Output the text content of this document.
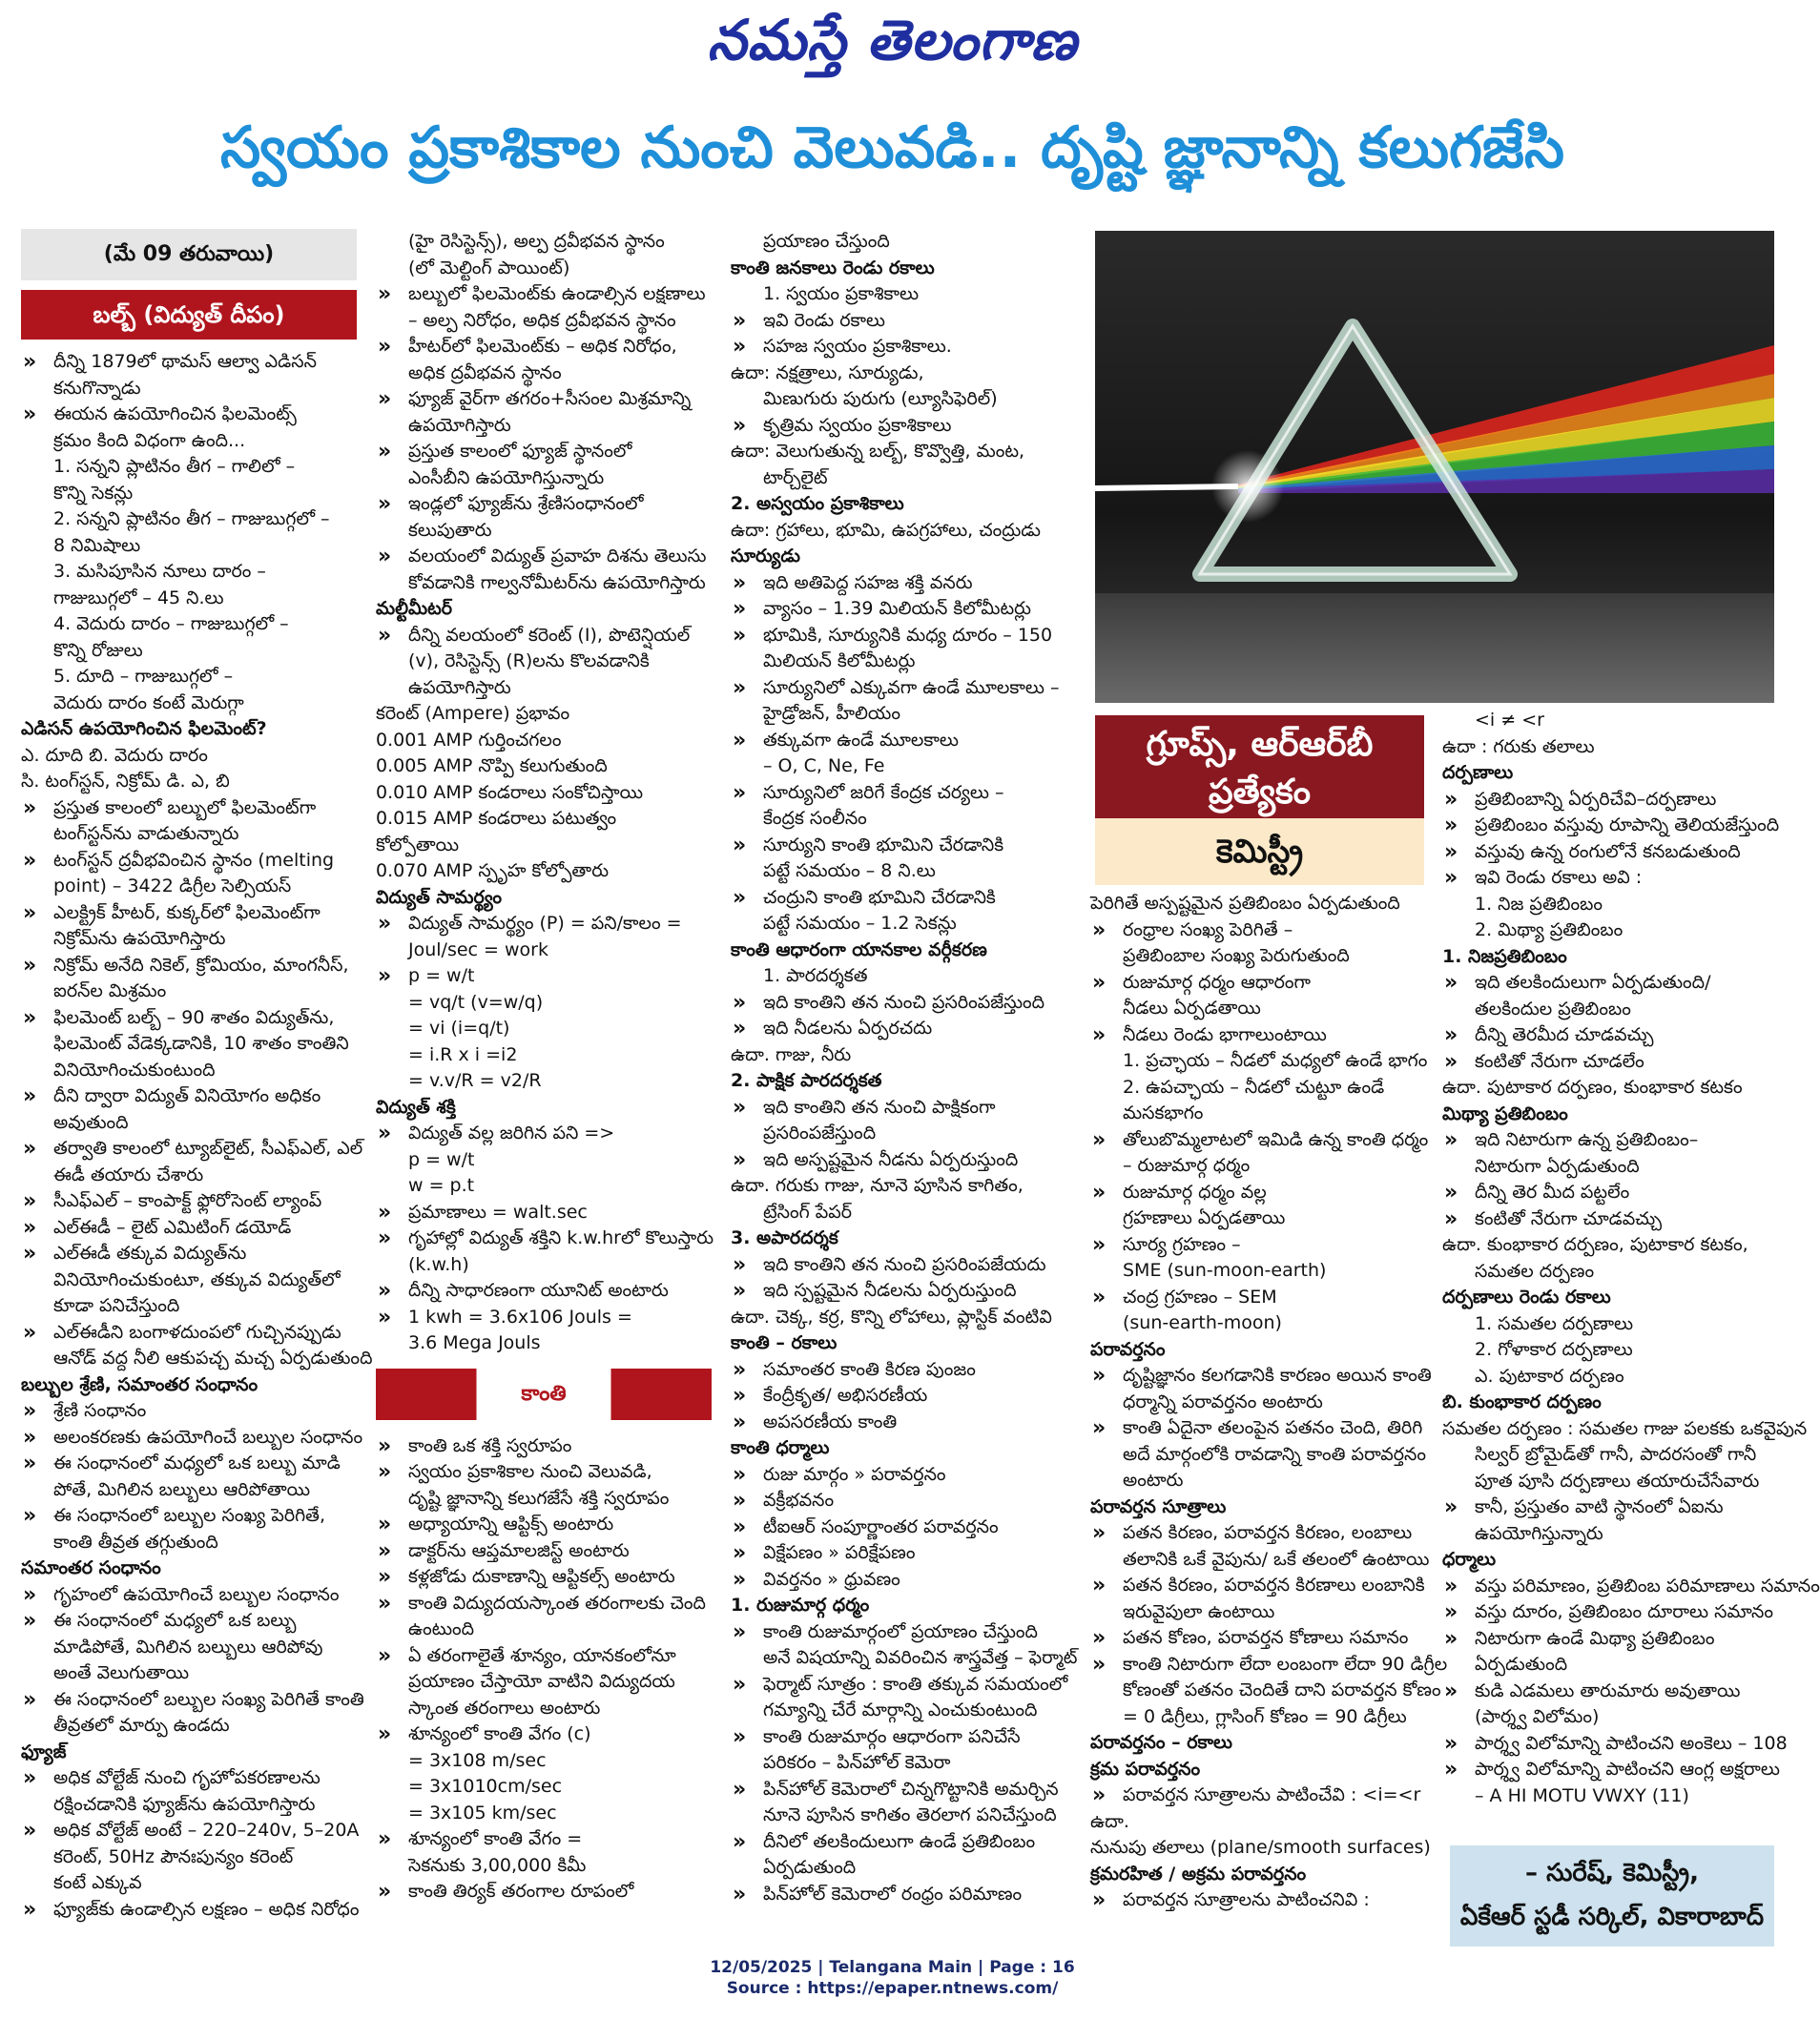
నమస్తే తెలంగాణ
స్వయం ప్రకాశికాల నుంచి వెలువడి.. దృష్టి జ్ఞానాన్ని కలుగజేసి
(మే 09 తరువాయి)
బల్బ్ (విద్యుత్ దీపం)
» దీన్ని 1879లో థామస్ ఆల్వా ఎడిసన్
కనుగొన్నాడు
» ఈయన ఉపయోగించిన ఫిలమెంట్స్
క్రమం కింది విధంగా ఉంది...
1. సన్నని ప్లాటినం తీగ – గాలిలో –
కొన్ని సెకన్లు
2. సన్నని ప్లాటినం తీగ – గాజుబుగ్గలో –
8 నిమిషాలు
3. మసిపూసిన నూలు దారం –
గాజుబుగ్గలో – 45 ని.లు
4. వెదురు దారం – గాజుబుగ్గలో –
కొన్ని రోజులు
5. దూది – గాజుబుగ్గలో –
వెదురు దారం కంటే మెరుగ్గా
ఎడిసన్ ఉపయోగించిన ఫిలమెంట్?
ఎ. దూది బి. వెదురు దారం
సి. టంగ్‌స్టన్, నిక్రోమ్ డి. ఎ, బి
» ప్రస్తుత కాలంలో బల్బులో ఫిలమెంట్‌గా
టంగ్‌స్టన్‌ను వాడుతున్నారు
» టంగ్‌స్టన్ ద్రవీభవించిన స్థానం (melting
point) – 3422 డిగ్రీల సెల్సియస్
» ఎలక్ట్రిక్ హీటర్, కుక్కర్‌లో ఫిలమెంట్‌గా
నిక్రోమ్‌ను ఉపయోగిస్తారు
» నిక్రోమ్ అనేది నికెల్, క్రోమియం, మాంగనీస్,
ఐరన్‌ల మిశ్రమం
» ఫిలమెంట్ బల్బ్ – 90 శాతం విద్యుత్‌ను,
ఫిలమెంట్ వేడెక్కడానికి, 10 శాతం కాంతిని
వినియోగించుకుంటుంది
» దీని ద్వారా విద్యుత్ వినియోగం అధికం
అవుతుంది
» తర్వాతి కాలంలో ట్యూబ్‌లైట్, సీఎఫ్‌ఎల్, ఎల్
ఈడీ తయారు చేశారు
» సీఎఫ్‌ఎల్ – కాంపాక్ట్ ఫ్లోరోసెంట్ ల్యాంప్
» ఎల్ఈడీ – లైట్ ఎమిటింగ్ డయోడ్
» ఎల్ఈడీ తక్కువ విద్యుత్‌ను
వినియోగించుకుంటూ, తక్కువ విద్యుత్‌లో
కూడా పనిచేస్తుంది
» ఎల్ఈడీని బంగాళదుంపలో గుచ్చినప్పుడు
ఆనోడ్ వద్ద నీలి ఆకుపచ్చ మచ్చ ఏర్పడుతుంది
బల్బుల శ్రేణి, సమాంతర సంధానం
» శ్రేణి సంధానం
» అలంకరణకు ఉపయోగించే బల్బుల సంధానం
» ఈ సంధానంలో మధ్యలో ఒక బల్బు మాడి
పోతే, మిగిలిన బల్బులు ఆరిపోతాయి
» ఈ సంధానంలో బల్బుల సంఖ్య పెరిగితే,
కాంతి తీవ్రత తగ్గుతుంది
సమాంతర సంధానం
» గృహంలో ఉపయోగించే బల్బుల సంధానం
» ఈ సంధానంలో మధ్యలో ఒక బల్బు
మాడిపోతే, మిగిలిన బల్బులు ఆరిపోవు
అంతే వెలుగుతాయి
» ఈ సంధానంలో బల్బుల సంఖ్య పెరిగితే కాంతి
తీవ్రతలో మార్పు ఉండదు
ఫ్యూజ్
» అధిక వోల్టేజ్ నుంచి గృహోపకరణాలను
రక్షించడానికి ఫ్యూజ్‌ను ఉపయోగిస్తారు
» అధిక వోల్టేజ్ అంటే – 220–240v, 5–20A
కరెంట్, 50Hz పౌనఃపున్యం కరెంట్
కంటే ఎక్కువ
» ఫ్యూజ్‌కు ఉండాల్సిన లక్షణం – అధిక నిరోధం
(హై రెసిస్టెన్స్), అల్ప ద్రవీభవన స్థానం
(లో మెల్టింగ్ పాయింట్)
» బల్బులో ఫిలమెంట్‌కు ఉండాల్సిన లక్షణాలు
– అల్ప నిరోధం, అధిక ద్రవీభవన స్థానం
» హీటర్‌లో ఫిలమెంట్‌కు – అధిక నిరోధం,
అధిక ద్రవీభవన స్థానం
» ఫ్యూజ్ వైర్‌గా తగరం+సీసంల మిశ్రమాన్ని
ఉపయోగిస్తారు
» ప్రస్తుత కాలంలో ఫ్యూజ్ స్థానంలో
ఎంసీబీని ఉపయోగిస్తున్నారు
» ఇండ్లలో ఫ్యూజ్‌ను శ్రేణిసంధానంలో
కలుపుతారు
» వలయంలో విద్యుత్ ప్రవాహ దిశను తెలుసు
కోవడానికి గాల్వనోమీటర్‌ను ఉపయోగిస్తారు
మల్టీమీటర్
» దీన్ని వలయంలో కరెంట్ (I), పొటెన్షియల్
(v), రెసిస్టెన్స్ (R)లను కొలవడానికి
ఉపయోగిస్తారు
కరెంట్ (Ampere) ప్రభావం
0.001 AMP గుర్తించగలం
0.005 AMP నొప్పి కలుగుతుంది
0.010 AMP కండరాలు సంకోచిస్తాయి
0.015 AMP కండరాలు పటుత్వం
కోల్పోతాయి
0.070 AMP స్పృహ కోల్పోతారు
విద్యుత్ సామర్థ్యం
» విద్యుత్ సామర్థ్యం (P) = పని/కాలం =
Joul/sec = work
» p = w/t
= vq/t (v=w/q)
= vi (i=q/t)
= i.R x i =i2
= v.v/R = v2/R
విద్యుత్ శక్తి
» విద్యుత్ వల్ల జరిగిన పని =>
p = w/t
w = p.t
» ప్రమాణాలు = walt.sec
» గృహాల్లో విద్యుత్ శక్తిని k.w.hrలో కొలుస్తారు
(k.w.h)
» దీన్ని సాధారణంగా యూనిట్ అంటారు
» 1 kwh = 3.6x106 Jouls =
3.6 Mega Jouls
కాంతి
» కాంతి ఒక శక్తి స్వరూపం
» స్వయం ప్రకాశికాల నుంచి వెలువడి,
దృష్టి జ్ఞానాన్ని కలుగజేసే శక్తి స్వరూపం
» అధ్యాయాన్ని ఆప్టిక్స్ అంటారు
» డాక్టర్‌ను ఆప్తమాలజిస్ట్ అంటారు
» కళ్లజోడు దుకాణాన్ని ఆప్టికల్స్ అంటారు
» కాంతి విద్యుదయస్కాంత తరంగాలకు చెంది
ఉంటుంది
» ఏ తరంగాలైతే శూన్యం, యానకంలోనూ
ప్రయాణం చేస్తాయో వాటిని విద్యుదయ
స్కాంత తరంగాలు అంటారు
» శూన్యంలో కాంతి వేగం (c)
= 3x108 m/sec
= 3x1010cm/sec
= 3x105 km/sec
» శూన్యంలో కాంతి వేగం =
సెకనుకు 3,00,000 కిమీ
» కాంతి తిర్యక్ తరంగాల రూపంలో
ప్రయాణం చేస్తుంది
కాంతి జనకాలు రెండు రకాలు
1. స్వయం ప్రకాశికాలు
» ఇవి రెండు రకాలు
» సహజ స్వయం ప్రకాశికాలు.
ఉదా: నక్షత్రాలు, సూర్యుడు,
మిణుగురు పురుగు (ల్యూసిఫెరిల్)
» కృత్రిమ స్వయం ప్రకాశికాలు
ఉదా: వెలుగుతున్న బల్బ్, కొవ్వొత్తి, మంట,
టార్చ్‌లైట్
2. అస్వయం ప్రకాశికాలు
ఉదా: గ్రహాలు, భూమి, ఉపగ్రహాలు, చంద్రుడు
సూర్యుడు
» ఇది అతిపెద్ద సహజ శక్తి వనరు
» వ్యాసం – 1.39 మిలియన్ కిలోమీటర్లు
» భూమికి, సూర్యునికి మధ్య దూరం – 150
మిలియన్ కిలోమీటర్లు
» సూర్యునిలో ఎక్కువగా ఉండే మూలకాలు –
హైడ్రోజన్, హీలియం
» తక్కువగా ఉండే మూలకాలు
– O, C, Ne, Fe
» సూర్యునిలో జరిగే కేంద్రక చర్యలు –
కేంద్రక సంలీనం
» సూర్యుని కాంతి భూమిని చేరడానికి
పట్టే సమయం – 8 ని.లు
» చంద్రుని కాంతి భూమిని చేరడానికి
పట్టే సమయం – 1.2 సెకన్లు
కాంతి ఆధారంగా యానకాల వర్గీకరణ
1. పారదర్శకత
» ఇది కాంతిని తన నుంచి ప్రసరింపజేస్తుంది
» ఇది నీడలను ఏర్పరచదు
ఉదా. గాజు, నీరు
2. పాక్షిక పారదర్శకత
» ఇది కాంతిని తన నుంచి పాక్షికంగా
ప్రసరింపజేస్తుంది
» ఇది అస్పష్టమైన నీడను ఏర్పరుస్తుంది
ఉదా. గరుకు గాజు, నూనె పూసిన కాగితం,
ట్రేసింగ్ పేపర్
3. అపారదర్శక
» ఇది కాంతిని తన నుంచి ప్రసరింపజేయదు
» ఇది స్పష్టమైన నీడలను ఏర్పరుస్తుంది
ఉదా. చెక్క, కర్ర, కొన్ని లోహాలు, ప్లాస్టిక్ వంటివి
కాంతి – రకాలు
» సమాంతర కాంతి కిరణ పుంజం
» కేంద్రీకృత/ అభిసరణీయ
» అపసరణీయ కాంతి
కాంతి ధర్మాలు
» రుజు మార్గం » పరావర్తనం
» వక్రీభవనం
» టీఐఆర్ సంపూర్ణాంతర పరావర్తనం
» విక్షేపణం » పరిక్షేపణం
» వివర్తనం » ధ్రువణం
1. రుజుమార్గ ధర్మం
» కాంతి రుజుమార్గంలో ప్రయాణం చేస్తుంది
అనే విషయాన్ని వివరించిన శాస్త్రవేత్త – ఫెర్మాట్
» ఫెర్మాట్ సూత్రం : కాంతి తక్కువ సమయంలో
గమ్యాన్ని చేరే మార్గాన్ని ఎంచుకుంటుంది
» కాంతి రుజుమార్గం ఆధారంగా పనిచేసే
పరికరం – పిన్‌హోల్ కెమెరా
» పిన్‌హోల్ కెమెరాలో చిన్నగొట్టానికి అమర్చిన
నూనె పూసిన కాగితం తెరలాగ పనిచేస్తుంది
» దీనిలో తలకిందులుగా ఉండే ప్రతిబింబం
ఏర్పడుతుంది
» పిన్‌హోల్ కెమెరాలో రంధ్రం పరిమాణం
గ్రూప్స్, ఆర్ఆర్‌బీ
ప్రత్యేకం
కెమిస్ట్రీ
పెరిగితే అస్పష్టమైన ప్రతిబింబం ఏర్పడుతుంది
» రంధ్రాల సంఖ్య పెరిగితే –
ప్రతిబింబాల సంఖ్య పెరుగుతుంది
» రుజుమార్గ ధర్మం ఆధారంగా
నీడలు ఏర్పడతాయి
» నీడలు రెండు భాగాలుంటాయి
1. ప్రచ్ఛాయ – నీడలో మధ్యలో ఉండే భాగం
2. ఉపచ్ఛాయ – నీడలో చుట్టూ ఉండే
మసకభాగం
» తోలుబొమ్మలాటలో ఇమిడి ఉన్న కాంతి ధర్మం
– రుజుమార్గ ధర్మం
» రుజుమార్గ ధర్మం వల్ల
గ్రహణాలు ఏర్పడతాయి
» సూర్య గ్రహణం –
SME (sun-moon-earth)
» చంద్ర గ్రహణం – SEM
(sun-earth-moon)
పరావర్తనం
» దృష్టిజ్ఞానం కలగడానికి కారణం అయిన కాంతి
ధర్మాన్ని పరావర్తనం అంటారు
» కాంతి ఏదైనా తలంపైన పతనం చెంది, తిరిగి
అదే మార్గంలోకి రావడాన్ని కాంతి పరావర్తనం
అంటారు
పరావర్తన సూత్రాలు
» పతన కిరణం, పరావర్తన కిరణం, లంబాలు
తలానికి ఒకే వైపును/ ఒకే తలంలో ఉంటాయి
» పతన కిరణం, పరావర్తన కిరణాలు లంబానికి
ఇరువైపులా ఉంటాయి
» పతన కోణం, పరావర్తన కోణాలు సమానం
» కాంతి నిటారుగా లేదా లంబంగా లేదా 90 డిగ్రీల
కోణంతో పతనం చెందితే దాని పరావర్తన కోణం
= 0 డిగ్రీలు, గ్లాసింగ్ కోణం = 90 డిగ్రీలు
పరావర్తనం – రకాలు
క్రమ పరావర్తనం
» పరావర్తన సూత్రాలను పాటించేవి : <i=<r
ఉదా.
నునుపు తలాలు (plane/smooth surfaces)
క్రమరహిత / అక్రమ పరావర్తనం
» పరావర్తన సూత్రాలను పాటించనివి :
<i ≠ <r
ఉదా : గరుకు తలాలు
దర్పణాలు
» ప్రతిబింబాన్ని ఏర్పరిచేవి–దర్పణాలు
» ప్రతిబింబం వస్తువు రూపాన్ని తెలియజేస్తుంది
» వస్తువు ఉన్న రంగులోనే కనబడుతుంది
» ఇవి రెండు రకాలు అవి :
1. నిజ ప్రతిబింబం
2. మిథ్యా ప్రతిబింబం
1. నిజప్రతిబింబం
» ఇది తలకిందులుగా ఏర్పడుతుంది/
తలకిందుల ప్రతిబింబం
» దీన్ని తెరమీద చూడవచ్చు
» కంటితో నేరుగా చూడలేం
ఉదా. పుటాకార దర్పణం, కుంభాకార కటకం
మిథ్యా ప్రతిబింబం
» ఇది నిటారుగా ఉన్న ప్రతిబింబం–
నిటారుగా ఏర్పడుతుంది
» దీన్ని తెర మీద పట్టలేం
» కంటితో నేరుగా చూడవచ్చు
ఉదా. కుంభాకార దర్పణం, పుటాకార కటకం,
సమతల దర్పణం
దర్పణాలు రెండు రకాలు
1. సమతల దర్పణాలు
2. గోళాకార దర్పణాలు
ఎ. పుటాకార దర్పణం
బి. కుంభాకార దర్పణం
సమతల దర్పణం : సమతల గాజు పలకకు ఒకవైపున
సిల్వర్ బ్రోమైడ్‌తో గానీ, పాదరసంతో గానీ
పూత పూసి దర్పణాలు తయారుచేసేవారు
» కానీ, ప్రస్తుతం వాటి స్థానంలో ఏఐను
ఉపయోగిస్తున్నారు
ధర్మాలు
» వస్తు పరిమాణం, ప్రతిబింబ పరిమాణాలు సమానం
» వస్తు దూరం, ప్రతిబింబం దూరాలు సమానం
» నిటారుగా ఉండే మిథ్యా ప్రతిబింబం
ఏర్పడుతుంది
» కుడి ఎడమలు తారుమారు అవుతాయి
(పార్శ్వ విలోమం)
» పార్శ్వ విలోమాన్ని పాటించని అంకెలు – 108
» పార్శ్వ విలోమాన్ని పాటించని ఆంగ్ల అక్షరాలు
– A HI MOTU VWXY (11)
– సురేష్, కెమిస్ట్రీ,
ఏకేఆర్ స్టడీ సర్కిల్, వికారాబాద్
12/05/2025 | Telangana Main | Page : 16
Source : https://epaper.ntnews.com/
